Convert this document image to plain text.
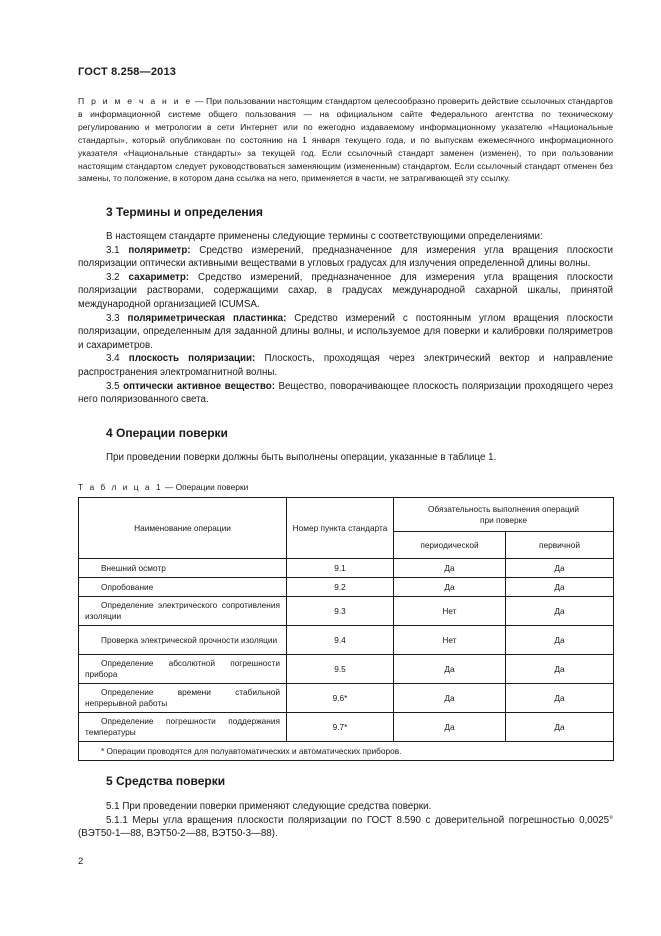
ГОСТ 8.258—2013
П р и м е ч а н и е — При пользовании настоящим стандартом целесообразно проверить действие ссылочных стандартов в информационной системе общего пользования — на официальном сайте Федерального агентства по техническому регулированию и метрологии в сети Интернет или по ежегодно издаваемому информационному указателю «Национальные стандарты», который опубликован по состоянию на 1 января текущего года, и по выпускам ежемесячного информационного указателя «Национальные стандарты» за текущей год. Если ссылочный стандарт заменен (изменен), то при пользовании настоящим стандартом следует руководствоваться заменяющим (измененным) стандартом. Если ссылочный стандарт отменен без замены, то положение, в котором дана ссылка на него, применяется в части, не затрагивающей эту ссылку.
3 Термины и определения

В настоящем стандарте применены следующие термины с соответствующими определениями:

3.1 поляриметр: Средство измерений, предназначенное для измерения угла вращения плоскости поляризации оптически активными веществами в угловых градусах для излучения определенной длины волны.

3.2 сахариметр: Средство измерений, предназначенное для измерения угла вращения плоскости поляризации растворами, содержащими сахар, в градусах международной сахарной шкалы, принятой международной организацией ICUMSA.

3.3 поляриметрическая пластинка: Средство измерений с постоянным углом вращения плоскости поляризации, определенным для заданной длины волны, и используемое для поверки и калибровки поляриметров и сахариметров.

3.4 плоскость поляризации: Плоскость, проходящая через электрический вектор и направление распространения электромагнитной волны.

3.5 оптически активное вещество: Вещество, поворачивающее плоскость поляризации проходящего через него поляризованного света.

4 Операции поверки

При проведении поверки должны быть выполнены операции, указанные в таблице 1.

Т а б л и ц а 1 — Операции поверки
Наименование операции	Номер пункта стандарта	Обязательность выполнения операций при поверке	
		периодической	первичной
Внешний осмотр	9.1	Да	Да
Опробование	9.2	Да	Да
Определение электрического сопротивления изоляции	9.3	Нет	Да
Проверка электрической прочности изоляции	9.4	Нет	Да
Определение абсолютной погрешности прибора	9.5	Да	Да
Определение времени стабильной непрерывной работы	9.6*	Да	Да
Определение погрешности поддержания температуры	9.7*	Да	Да
* Операции проводятся для полуавтоматических и автоматических приборов.			
5 Средства поверки

5.1 При проведении поверки применяют следующие средства поверки.

5.1.1 Меры угла вращения плоскости поляризации по ГОСТ 8.590 с доверительной погрешностью 0,0025° (ВЭТ50-1—88, ВЭТ50-2—88, ВЭТ50-3—88).

2
